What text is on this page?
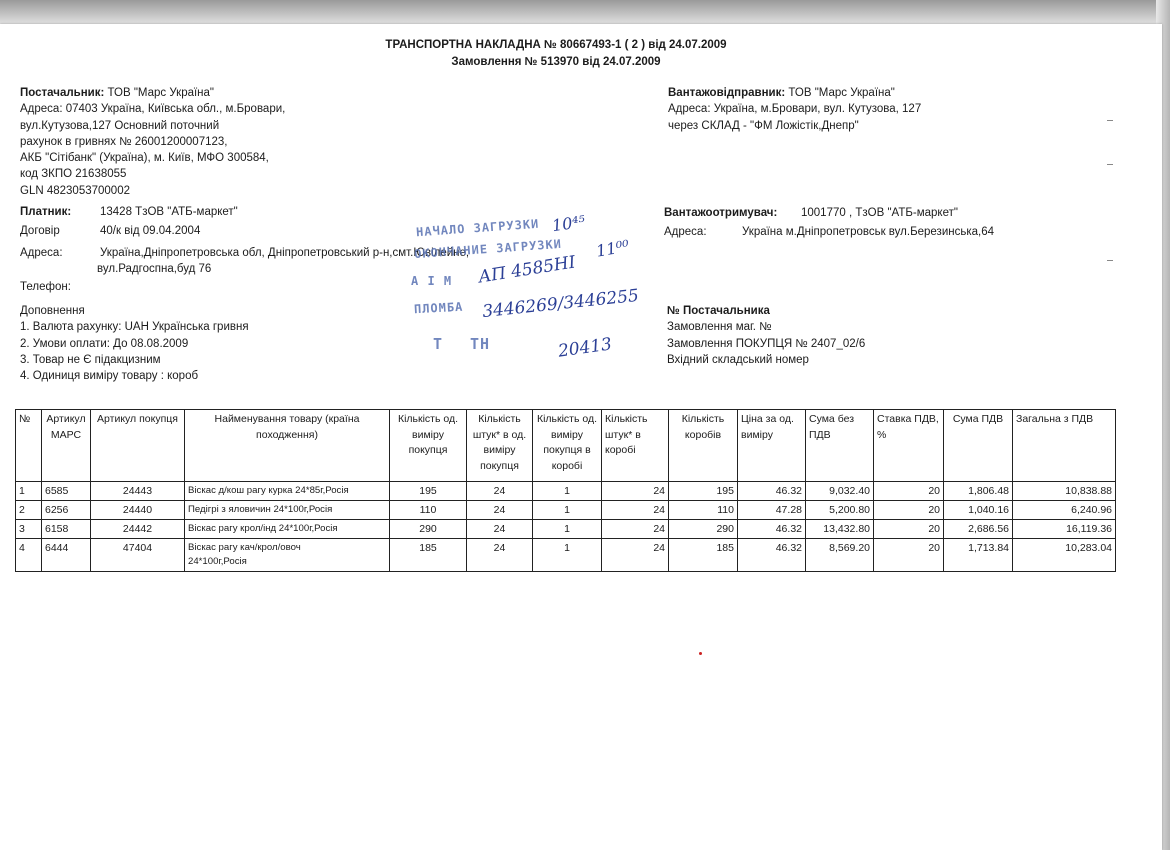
ТРАНСПОРТНА НАКЛАДНА № 80667493-1 ( 2 ) від 24.07.2009
Замовлення № 513970 від 24.07.2009
Постачальник: ТОВ "Марс Україна"
Адреса: 07403 Україна, Київська обл., м.Бровари,
вул.Кутузова,127 Основний поточний
рахунок в гривнях № 26001200007123,
АКБ "Сітібанк" (Україна), м. Київ, МФО 300584,
код ЗКПО 21638055
GLN 4823053700002
Вантажовідправник: ТОВ "Марс Україна"
Адреса: Україна, м.Бровари, вул. Кутузова, 127
через СКЛАД - "ФМ Ложістік,Днепр"
Платник:	13428 ТзОВ "АТБ-маркет"
Договір	40/к від 09.04.2004
Адреса:	Україна,Дніпропетровська обл, Дніпропетровський р-н,смт.Ювілейне,
вул.Радгоспна,буд 76
Телефон:
Вантажоотримувач: 1001770 , ТзОВ "АТБ-маркет"
Адреса:	Україна м.Дніпропетровськ вул.Березинська,64
Доповнення
1. Валюта рахунку: UAH Українська гривня
2. Умови оплати: До 08.08.2009
3. Товар не Є підакцизним
4. Одиниця виміру товару : короб
№ Постачальника
Замовлення маг. №
Замовлення ПОКУПЦЯ № 2407_02/6
Вхідний складський номер
НАЧАЛО ЗАГРУЗКИ
ОКОНЧАНИЕ ЗАГРУЗКИ
А І М
ПЛОМБА
Т ТН
10⁴⁵
11⁰⁰
АП 4585НІ
3446269/3446255
20413
№	Артикул МАРС	Артикул покупця	Найменування товару (країна походження)	Кількість од. виміру покупця	Кількість штук* в од. виміру покупця	Кількість од. виміру покупця в коробі	Кількість штук* в коробі	Кількість коробів	Ціна за од. виміру	Сума без ПДВ	Ставка ПДВ, %	Сума ПДВ	Загальна з ПДВ
1	6585	24443	Віскас д/кош рагу курка 24*85г,Росія	195	24	1	24	195	46.32	9,032.40	20	1,806.48	10,838.88
2	6256	24440	Педігрі з яловичин 24*100г,Росія	110	24	1	24	110	47.28	5,200.80	20	1,040.16	6,240.96
3	6158	24442	Віскас рагу крол/інд 24*100г,Росія	290	24	1	24	290	46.32	13,432.80	20	2,686.56	16,119.36
4	6444	47404	Віскас рагу кач/крол/овоч 24*100г,Росія	185	24	1	24	185	46.32	8,569.20	20	1,713.84	10,283.04
